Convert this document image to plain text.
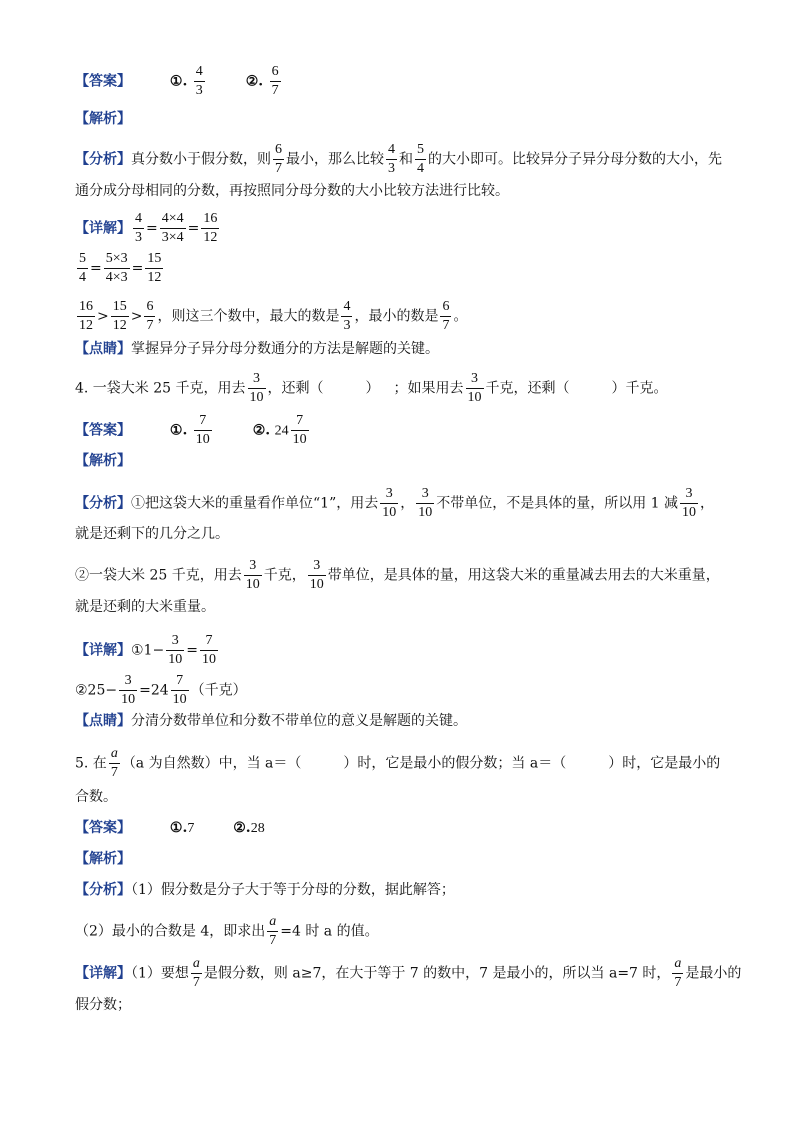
【答案】	①. $\frac{4}{3}$	②. $\frac{6}{7}$
【解析】
【分析】真分数小于假分数，则 $\frac{6}{7}$ 最小，那么比较 $\frac{4}{3}$ 和 $\frac{5}{4}$ 的大小即可。比较异分子异分母分数的大小，先
通分成分母相同的分数，再按照同分母分数的大小比较方法进行比较。
【详解】 $\frac{4}{3} = \frac{4\times 4}{3\times 4} = \frac{16}{12}$
$\frac{5}{4} = \frac{5\times 3}{4\times 3} = \frac{15}{12}$
$\frac{16}{12} > \frac{15}{12} > \frac{6}{7}$ ，则这三个数中，最大的数是 $\frac{4}{3}$ ，最小的数是 $\frac{6}{7}$ 。
【点睛】掌握异分子异分母分数通分的方法是解题的关键。
4. 一袋大米 25 千克，用去 $\frac{3}{10}$ ，还剩（　　　） ；如果用去 $\frac{3}{10}$ 千克，还剩（　　　）千克。
【答案】	①. $\frac{7}{10}$	②. $24 \frac{7}{10}$
【解析】
【分析】①把这袋大米的重量看作单位“1”，用去 $\frac{3}{10}$ ， $\frac{3}{10}$ 不带单位，不是具体的量，所以用 1 减 $\frac{3}{10}$ ，
就是还剩下的几分之几。
②一袋大米 25 千克，用去 $\frac{3}{10}$ 千克， $\frac{3}{10}$ 带单位，是具体的量，用这袋大米的重量减去用去的大米重量，
就是还剩的大米重量。
【详解】①1− $\frac{3}{10} = \frac{7}{10}$
②25− $\frac{3}{10} =24 \frac{7}{10}$ （千克）
【点睛】分清分数带单位和分数不带单位的意义是解题的关键。
5. 在 $\frac{a}{7} (a$ 为自然数）中，当 a＝（　　　）时，它是最小的假分数；当 a＝（　　　）时，它是最小的
合数。
【答案】	①.7	②.28
【解析】
【分析】（1）假分数是分子大于等于分母的分数，据此解答；
（2）最小的合数是 4，即求出 $\frac{a}{7} =4$ 时 a 的值。
【详解】（1）要想 $\frac{a}{7}$ 是假分数，则 a≥7，在大于等于 7 的数中，7 是最小的，所以当 a=7 时， $\frac{a}{7}$ 是最小的
假分数；
